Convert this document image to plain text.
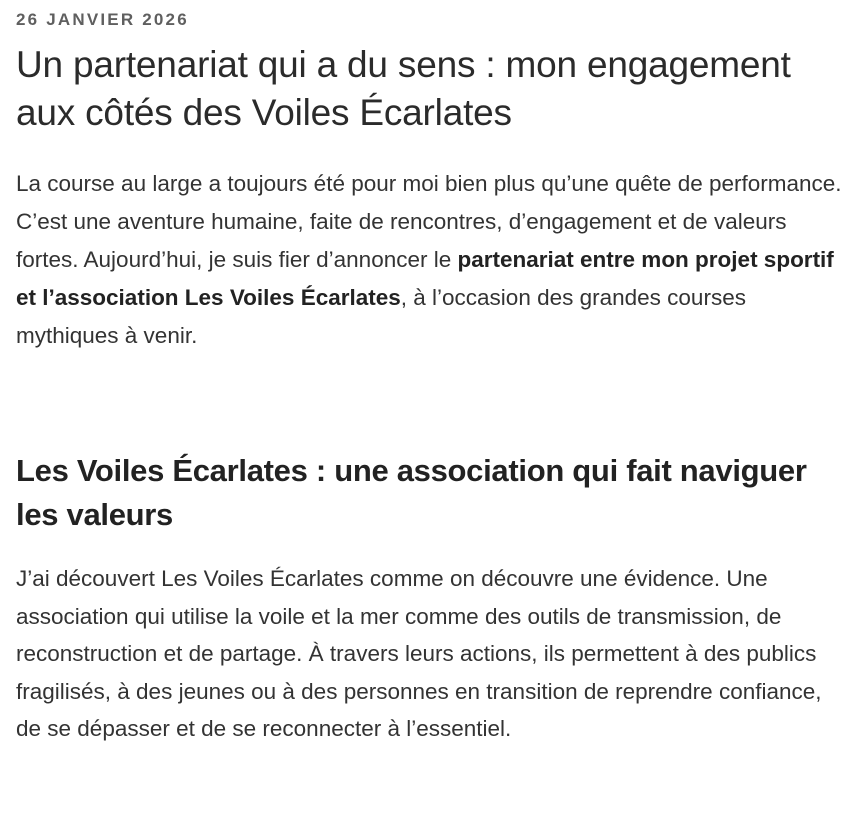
26 JANVIER 2026
Un partenariat qui a du sens : mon engagement aux côtés des Voiles Écarlates

La course au large a toujours été pour moi bien plus qu’une quête de performance. C’est une aventure humaine, faite de rencontres, d’engagement et de valeurs fortes. Aujourd’hui, je suis fier d’annoncer le partenariat entre mon projet sportif et l’association Les Voiles Écarlates, à l’occasion des grandes courses mythiques à venir.

Les Voiles Écarlates : une association qui fait naviguer les valeurs

J’ai découvert Les Voiles Écarlates comme on découvre une évidence. Une association qui utilise la voile et la mer comme des outils de transmission, de reconstruction et de partage. À travers leurs actions, ils permettent à des publics fragilisés, à des jeunes ou à des personnes en transition de reprendre confiance, de se dépasser et de se reconnecter à l’essentiel.
